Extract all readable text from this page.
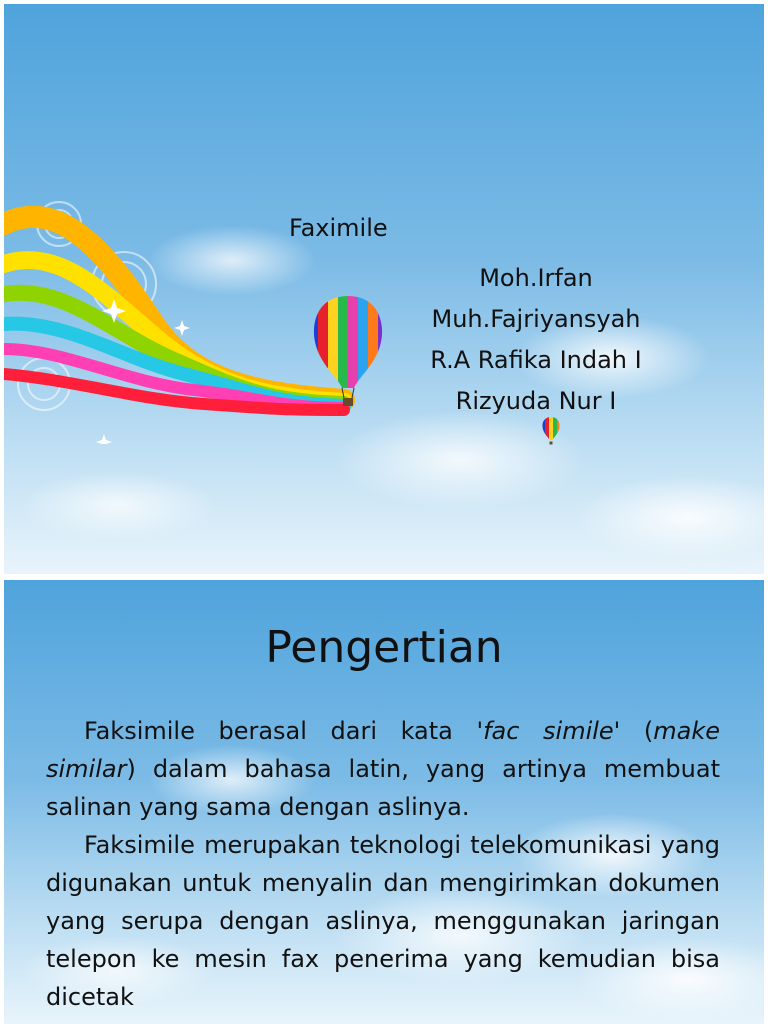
Faximile
Moh.Irfan
Muh.Fajriyansyah
R.A Rafika Indah I
Rizyuda Nur I
© TemplatesWise.com
Pengertian

Faksimile berasal dari kata 'fac simile' (make similar) dalam bahasa latin, yang artinya membuat salinan yang sama dengan aslinya.

Faksimile merupakan teknologi telekomunikasi yang digunakan untuk menyalin dan mengirimkan dokumen yang serupa dengan aslinya, menggunakan jaringan telepon ke mesin fax penerima yang kemudian bisa dicetak
